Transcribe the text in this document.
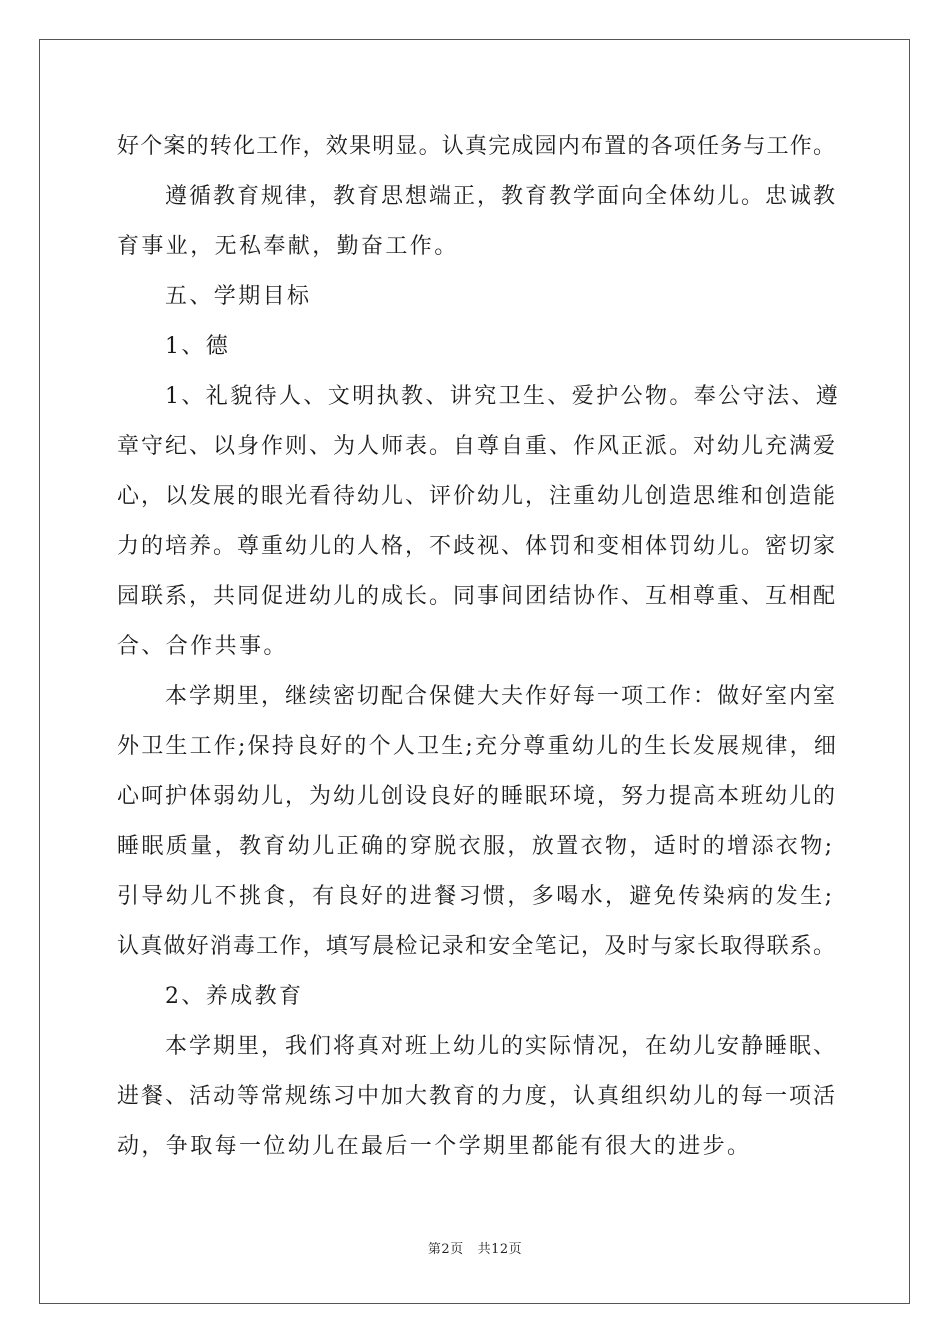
好个案的转化工作，效果明显。认真完成园内布置的各项任务与工作。
遵循教育规律，教育思想端正，教育教学面向全体幼儿。忠诚教
育事业，无私奉献，勤奋工作。
五、学期目标
1、德
1、礼貌待人、文明执教、讲究卫生、爱护公物。奉公守法、遵
章守纪、以身作则、为人师表。自尊自重、作风正派。对幼儿充满爱
心，以发展的眼光看待幼儿、评价幼儿，注重幼儿创造思维和创造能
力的培养。尊重幼儿的人格，不歧视、体罚和变相体罚幼儿。密切家
园联系，共同促进幼儿的成长。同事间团结协作、互相尊重、互相配
合、合作共事。
本学期里，继续密切配合保健大夫作好每一项工作：做好室内室
外卫生工作;保持良好的个人卫生;充分尊重幼儿的生长发展规律，细
心呵护体弱幼儿，为幼儿创设良好的睡眠环境，努力提高本班幼儿的
睡眠质量，教育幼儿正确的穿脱衣服，放置衣物，适时的增添衣物;
引导幼儿不挑食，有良好的进餐习惯，多喝水，避免传染病的发生;
认真做好消毒工作，填写晨检记录和安全笔记，及时与家长取得联系。
2、养成教育
本学期里，我们将真对班上幼儿的实际情况，在幼儿安静睡眠、
进餐、活动等常规练习中加大教育的力度，认真组织幼儿的每一项活
动，争取每一位幼儿在最后一个学期里都能有很大的进步。
第2页 共12页
